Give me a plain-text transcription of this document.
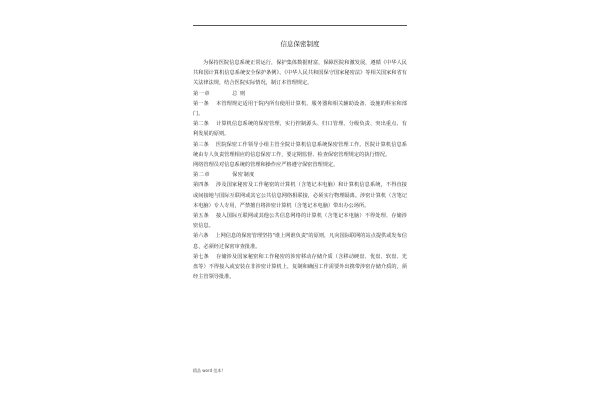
信息保密制度

为保持医院信息系统正常运行，保护集体数据财富，保障医院和激发展，遵循《中华人民共和国计算机信息系统安全保护条例》、《中华人民共和国保守国家秘密法》等相关国家和省有关法律法规，结合医院实际情况，制订本管理规定。

第一章	总 则

第一条　 本管理规定适用于院内所有使用计算机、服务器和相关辅助设备、设施的科室和部门。

第二条　 计算机信息系统的保密管理，实行控制源头、归口管理、分级负责、突出重点、有利发展的原则。

第三条　 医院保密工作领导小组主管全院计算机信息系统保密管理工作。医院计算机信息系统由专人负责管理相应的信息保密工作，要定期监督、检查保密管理规定的执行情况。

网络管理员对信息系统的管理和操作应严格遵守保密管理规定。

第二章	保密制度

第四条　 涉及国家秘密及工作秘密的计算机（含笔记本电脑）和计算机信息系统，不得直接或间接地与国际互联网或其它公共信息网络相联接，必须实行物理隔离。涉密计算机（含笔记本电脑）专人专用，严禁擅自将涉密计算机（含笔记本电脑）带出办公场所。

第五条　 接入国际互联网或其他公共信息网络的计算机（含笔记本电脑）不得处理、存储涉密信息。

第六条　 上网信息的保密管理坚持"谁上网谁负责"的原则，凡向国际联网的站点提供或发布信息，必须经过保密审查批准。

第七条　 存储涉及国家秘密和工作秘密的涉密移动存储介质（含移动硬盘、优盘、软盘、光盘等）不得接入或安装在非涉密计算机上，复制和确因工作需要外出携带涉密存储介质的，须经主管领导批准。

精品 word 范本!
